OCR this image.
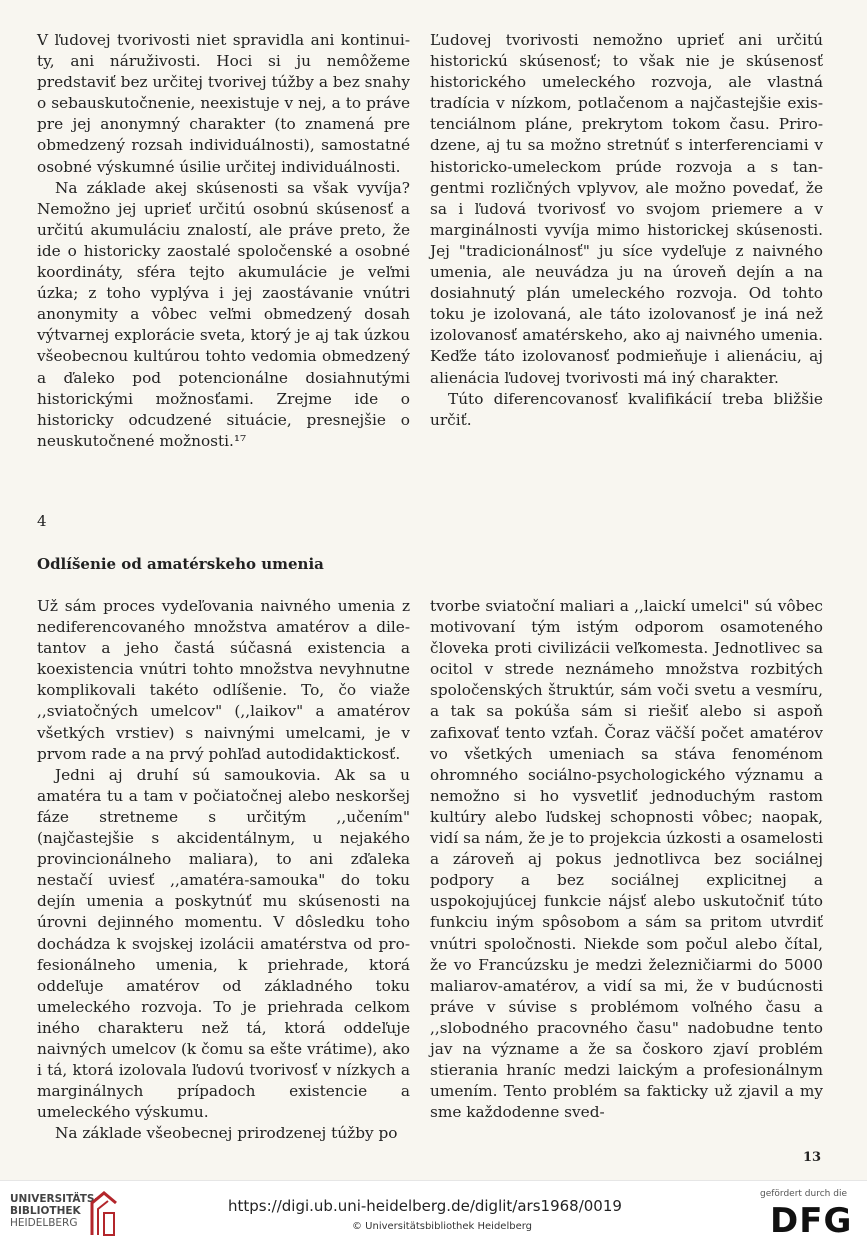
V ľudovej tvorivosti niet spravidla ani kontinuity, ani náruživosti. Hoci si ju nemôžeme predstaviť bez určitej tvorivej túžby a bez snahy o sebauskutočnenie, neexistuje v nej, a to práve pre jej anonymný charakter (to znamená pre obmedzený rozsah individuálnosti), samostatné osobné výskumné úsilie určitej individuálnosti.

Na základe akej skúsenosti sa však vyvíja? Nemožno jej uprieť určitú osobnú skúsenosť a určitú akumuláciu znalostí, ale práve preto, že ide o historicky zaostalé spoločenské a osobné koordináty, sféra tejto akumulácie je veľmi úzka; z toho vyplýva i jej zaostávanie vnútri anonymity a vôbec veľmi obmedzený dosah výtvarnej explorácie sveta, ktorý je aj tak úzkou všeobecnou kultúrou tohto vedomia obmedzený a ďaleko pod potencionálne dosiahnutými historickými možnosťami. Zrejme ide o historicky odcudzené situácie, presnejšie o neuskutočnené možnosti.¹⁷

Ľudovej tvorivosti nemožno uprieť ani určitú historickú skúsenosť; to však nie je skúsenosť historického umeleckého rozvoja, ale vlastná tradícia v nízkom, potlačenom a najčastejšie existenciálnom pláne, prekrytom tokom času. Prirodzene, aj tu sa možno stretnúť s interferenciami v historicko-umeleckom prúde rozvoja a s tangentmi rozličných vplyvov, ale možno povedať, že sa i ľudová tvorivosť vo svojom priemere a v marginálnosti vyvíja mimo historickej skúsenosti. Jej "tradicionálnosť" ju síce vydeľuje z naivného umenia, ale neuvádza ju na úroveň dejín a na dosiahnutý plán umeleckého rozvoja. Od tohto toku je izolovaná, ale táto izolovanosť je iná než izolovanosť amatérskeho, ako aj naivného umenia. Keďže táto izolovanosť podmieňuje i alienáciu, aj alienácia ľudovej tvorivosti má iný charakter.

Túto diferencovanosť kvalifikácií treba bližšie určiť.

4
Odlíšenie od amatérskeho umenia

Už sám proces vydeľovania naivného umenia z nediferencovaného množstva amatérov a diletantov a jeho častá súčasná existencia a koexistencia vnútri tohto množstva nevyhnutne komplikovali takéto odlíšenie. To, čo viaže ,,sviatočných umelcov" (,,laikov" a amatérov všetkých vrstiev) s naivnými umelcami, je v prvom rade a na prvý pohľad autodidaktickosť.

Jedni aj druhí sú samoukovia. Ak sa u amatéra tu a tam v počiatočnej alebo neskoršej fáze stretneme s určitým ,,učením" (najčastejšie s akcidentálnym, u nejakého provincionálneho maliara), to ani zďaleka nestačí uviesť ,,amatéra-samouka" do toku dejín umenia a poskytnúť mu skúsenosti na úrovni dejinného momentu. V dôsledku toho dochádza k svojskej izolácii amatérstva od profesionálneho umenia, k priehrade, ktorá oddeľuje amatérov od základného toku umeleckého rozvoja. To je priehrada celkom iného charakteru než tá, ktorá oddeľuje naivných umelcov (k čomu sa ešte vrátime), ako i tá, ktorá izolovala ľudovú tvorivosť v nízkych a marginálnych prípadoch existencie a umeleckého výskumu.

Na základe všeobecnej prirodzenej túžby po

tvorbe sviatoční maliari a ,,laickí umelci" sú vôbec motivovaní tým istým odporom osamoteného človeka proti civilizácii veľkomesta. Jednotlivec sa ocitol v strede neznámeho množstva rozbitých spoločenských štruktúr, sám voči svetu a vesmíru, a tak sa pokúša sám si riešiť alebo si aspoň zafixovať tento vzťah. Čoraz väčší počet amatérov vo všetkých umeniach sa stáva fenoménom ohromného sociálno-psychologického významu a nemožno si ho vysvetliť jednoduchým rastom kultúry alebo ľudskej schopnosti vôbec; naopak, vidí sa nám, že je to projekcia úzkosti a osamelosti a zároveň aj pokus jednotlivca bez sociálnej podpory a bez sociálnej explicitnej a uspokojujúcej funkcie nájsť alebo uskutočniť túto funkciu iným spôsobom a sám sa pritom utvrdiť vnútri spoločnosti. Niekde som počul alebo čítal, že vo Francúzsku je medzi železničiarmi do 5000 maliarov-amatérov, a vidí sa mi, že v budúcnosti práve v súvise s problémom voľného času a ,,slobodného pracovného času" nadobudne tento jav na význame a že sa čoskoro zjaví problém stierania hraníc medzi laickým a profesionálnym umením. Tento problém sa fakticky už zjavil a my sme každodenne sved-

13
UNIVERSITÄTS-
BIBLIOTHEK
HEIDELBERG
https://digi.ub.uni-heidelberg.de/diglit/ars1968/0019
© Universitätsbibliothek Heidelberg
gefördert durch die
DFG
